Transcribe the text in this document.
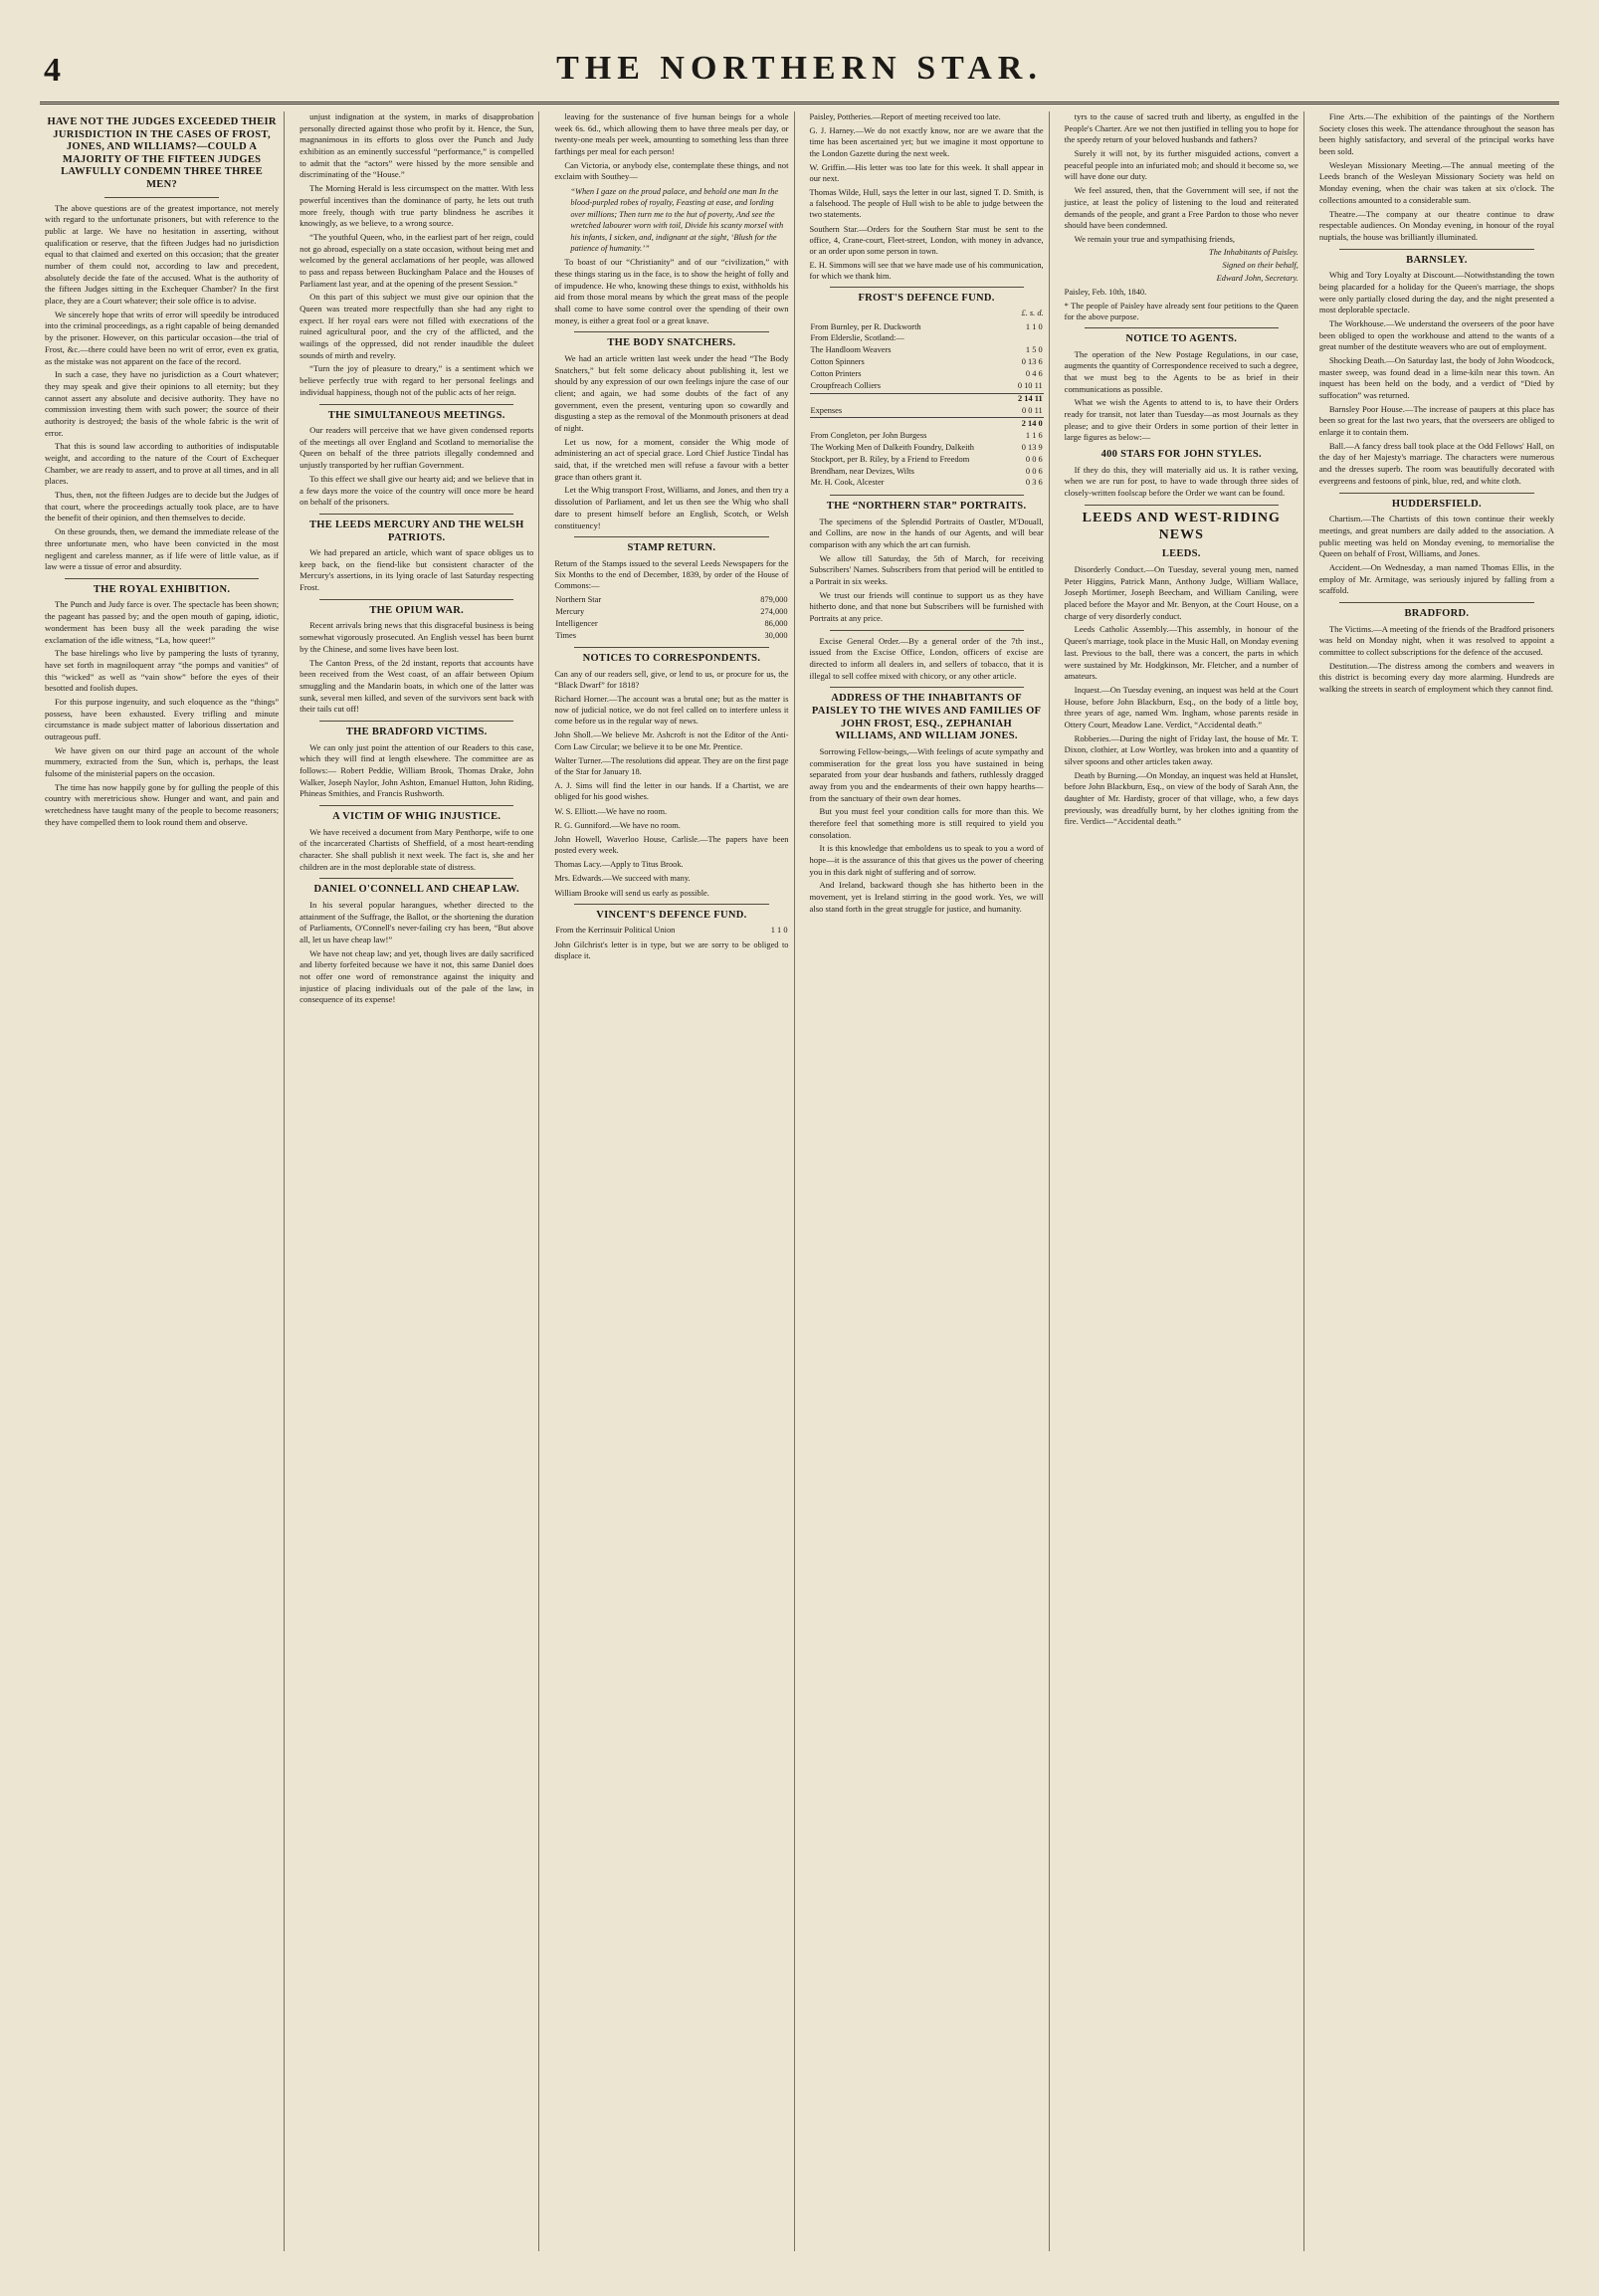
4	THE NORTHERN STAR.
HAVE NOT THE JUDGES EXCEEDED THEIR JURISDICTION IN THE CASES OF FROST, JONES, AND WILLIAMS?—COULD A MAJORITY OF THE FIFTEEN JUDGES LAWFULLY CONDEMN THREE THREE MEN?

The above questions are of the greatest importance, not merely with regard to the unfortunate prisoners, but with reference to the public at large. We have no hesitation in asserting, without qualification or reserve, that the fifteen Judges had no jurisdiction equal to that claimed and exerted on this occasion; that the greater number of them could not, according to law and precedent, absolutely decide the fate of the accused. What is the authority of the fifteen Judges sitting in the Exchequer Chamber? In the first place, they are a Court whatever; their sole office is to advise.

We sincerely hope that writs of error will speedily be introduced into the criminal proceedings, as a right capable of being demanded by the prisoner. However, on this particular occasion—the trial of Frost, &c.—there could have been no writ of error, even ex gratia, as the mistake was not apparent on the face of the record.

In such a case, they have no jurisdiction as a Court whatever; they may speak and give their opinions to all eternity; but they cannot assert any absolute and decisive authority. They have no commission investing them with such power; the source of their authority is destroyed; the basis of the whole fabric is the writ of error.

That this is sound law according to authorities of indisputable weight, and according to the nature of the Court of Exchequer Chamber, we are ready to assert, and to prove at all times, and in all places.

Thus, then, not the fifteen Judges are to decide but the Judges of that court, where the proceedings actually took place, are to have the benefit of their opinion, and then themselves to decide.

On these grounds, then, we demand the immediate release of the three unfortunate men, who have been convicted in the most negligent and careless manner, as if life were of little value, as if law were a tissue of error and absurdity.

THE ROYAL EXHIBITION.

The Punch and Judy farce is over. The spectacle has been shown; the pageant has passed by; and the open mouth of gaping, idiotic, wonderment has been busy all the week parading the wise exclamation of the idle witness, “La, how queer!”

The base hirelings who live by pampering the lusts of tyranny, have set forth in magniloquent array “the pomps and vanities” of this “wicked” as well as “vain show” before the eyes of their besotted and foolish dupes.

For this purpose ingenuity, and such eloquence as the “things” possess, have been exhausted. Every trifling and minute circumstance is made subject matter of laborious dissertation and outrageous puff.

We have given on our third page an account of the whole mummery, extracted from the Sun, which is, perhaps, the least fulsome of the ministerial papers on the occasion.

The time has now happily gone by for gulling the people of this country with meretricious show. Hunger and want, and pain and wretchedness have taught many of the people to become reasoners; they have compelled them to look round them and observe.

unjust indignation at the system, in marks of disapprobation personally directed against those who profit by it. Hence, the Sun, magnanimous in its efforts to gloss over the Punch and Judy exhibition as an eminently successful “performance,” is compelled to admit that the “actors” were hissed by the more sensible and discriminating of the “House.”

The Morning Herald is less circumspect on the matter. With less powerful incentives than the dominance of party, he lets out truth more freely, though with true party blindness he ascribes it knowingly, as we believe, to a wrong source.

“The youthful Queen, who, in the earliest part of her reign, could not go abroad, especially on a state occasion, without being met and welcomed by the general acclamations of her people, was allowed to pass and repass between Buckingham Palace and the Houses of Parliament last year, and at the opening of the present Session.”

On this part of this subject we must give our opinion that the Queen was treated more respectfully than she had any right to expect. If her royal ears were not filled with execrations of the ruined agricultural poor, and the cry of the afflicted, and the wailings of the oppressed, did not render inaudible the duleet sounds of mirth and revelry.

“Turn the joy of pleasure to dreary,” is a sentiment which we believe perfectly true with regard to her personal feelings and individual happiness, though not of the public acts of her reign.

THE SIMULTANEOUS MEETINGS.

Our readers will perceive that we have given condensed reports of the meetings all over England and Scotland to memorialise the Queen on behalf of the three patriots illegally condemned and unjustly transported by her ruffian Government.

To this effect we shall give our hearty aid; and we believe that in a few days more the voice of the country will once more be heard on behalf of the prisoners.

THE LEEDS MERCURY AND THE WELSH PATRIOTS.

We had prepared an article, which want of space obliges us to keep back, on the fiend-like but consistent character of the Mercury's assertions, in its lying oracle of last Saturday respecting Frost.

THE OPIUM WAR.

Recent arrivals bring news that this disgraceful business is being somewhat vigorously prosecuted. An English vessel has been burnt by the Chinese, and some lives have been lost.

The Canton Press, of the 2d instant, reports that accounts have been received from the West coast, of an affair between Opium smuggling and the Mandarin boats, in which one of the latter was sunk, several men killed, and seven of the survivors sent back with their tails cut off!

THE BRADFORD VICTIMS.

We can only just point the attention of our Readers to this case, which they will find at length elsewhere. The committee are as follows:— Robert Peddie, William Brook, Thomas Drake, John Walker, Joseph Naylor, John Ashton, Emanuel Hutton, John Riding, Phineas Smithies, and Francis Rushworth.

A VICTIM OF WHIG INJUSTICE.

We have received a document from Mary Penthorpe, wife to one of the incarcerated Chartists of Sheffield, of a most heart-rending character. She shall publish it next week. The fact is, she and her children are in the most deplorable state of distress.

DANIEL O'CONNELL AND CHEAP LAW.

In his several popular harangues, whether directed to the attainment of the Suffrage, the Ballot, or the shortening the duration of Parliaments, O'Connell's never-failing cry has been, “But above all, let us have cheap law!”

We have not cheap law; and yet, though lives are daily sacrificed and liberty forfeited because we have it not, this same Daniel does not offer one word of remonstrance against the iniquity and injustice of placing individuals out of the pale of the law, in consequence of its expense!

leaving for the sustenance of five human beings for a whole week 6s. 6d., which allowing them to have three meals per day, or twenty-one meals per week, amounting to something less than three farthings per meal for each person!

Can Victoria, or anybody else, contemplate these things, and not exclaim with Southey—

“When I gaze on the proud palace, and behold one man In the blood-purpled robes of royalty, Feasting at ease, and lording over millions; Then turn me to the hut of poverty, And see the wretched labourer worn with toil, Divide his scanty morsel with his infants, I sicken, and, indignant at the sight, ‘Blush for the patience of humanity.’”

To boast of our “Christianity” and of our “civilization,” with these things staring us in the face, is to show the height of folly and of impudence. He who, knowing these things to exist, withholds his aid from those moral means by which the great mass of the people shall come to have some control over the spending of their own money, is either a great fool or a great knave.

THE BODY SNATCHERS.

We had an article written last week under the head “The Body Snatchers,” but felt some delicacy about publishing it, lest we should by any expression of our own feelings injure the case of our client; and again, we had some doubts of the fact of any government, even the present, venturing upon so cowardly and disgusting a step as the removal of the Monmouth prisoners at dead of night.

Let us now, for a moment, consider the Whig mode of administering an act of special grace. Lord Chief Justice Tindal has said, that, if the wretched men will refuse a favour with a better grace than others grant it.

Let the Whig transport Frost, Williams, and Jones, and then try a dissolution of Parliament, and let us then see the Whig who shall dare to present himself before an English, Scotch, or Welsh constituency!

STAMP RETURN.
Return of the Stamps issued to the several Leeds Newspapers for the Six Months to the end of December, 1839, by order of the House of Commons:—
Northern Star	879,000
Mercury	274,000
Intelligencer	86,000
Times	30,000
NOTICES TO CORRESPONDENTS.
Can any of our readers sell, give, or lend to us, or procure for us, the “Black Dwarf” for 1818?
Richard Horner.—The account was a brutal one; but as the matter is now of judicial notice, we do not feel called on to interfere unless it come before us in the regular way of news.
John Sholl.—We believe Mr. Ashcroft is not the Editor of the Anti-Corn Law Circular; we believe it to be one Mr. Prentice.
Walter Turner.—The resolutions did appear. They are on the first page of the Star for January 18.
A. J. Sims will find the letter in our hands. If a Chartist, we are obliged for his good wishes.
W. S. Elliott.—We have no room.
R. G. Gunniford.—We have no room.
John Howell, Waverloo House, Carlisle.—The papers have been posted every week.
Thomas Lacy.—Apply to Titus Brook.
Mrs. Edwards.—We succeed with many.
William Brooke will send us early as possible.
VINCENT'S DEFENCE FUND.
From the Kerrinsuir Political Union	1 1 0
John Gilchrist's letter is in type, but we are sorry to be obliged to displace it.
Paisley, Pottheries.—Report of meeting received too late.
G. J. Harney.—We do not exactly know, nor are we aware that the time has been ascertained yet; but we imagine it most opportune to the London Gazette during the next week.
W. Griffin.—His letter was too late for this week. It shall appear in our next.
Thomas Wilde, Hull, says the letter in our last, signed T. D. Smith, is a falsehood. The people of Hull wish to be able to judge between the two statements.
Southern Star.—Orders for the Southern Star must be sent to the office, 4, Crane-court, Fleet-street, London, with money in advance, or an order upon some person in town.
E. H. Simmons will see that we have made use of his communication, for which we thank him.
FROST'S DEFENCE FUND.
£. s. d.
From Burnley, per R. Duckworth	1 1 0
From Elderslie, Scotland:—	
The Handloom Weavers	1 5 0
Cotton Spinners	0 13 6
Cotton Printers	0 4 6
Croupfreach Colliers	0 10 11
	2 14 11
Expenses	0 0 11
	2 14 0
From Congleton, per John Burgess	1 1 6
The Working Men of Dalkeith Foundry, Dalkeith	0 13 9
Stockport, per B. Riley, by a Friend to Freedom	0 0 6
Brendham, near Devizes, Wilts	0 0 6
Mr. H. Cook, Alcester	0 3 6
THE “NORTHERN STAR” PORTRAITS.

The specimens of the Splendid Portraits of Oastler, M'Douall, and Collins, are now in the hands of our Agents, and will bear comparison with any which the art can furnish.

We allow till Saturday, the 5th of March, for receiving Subscribers' Names. Subscribers from that period will be entitled to a Portrait in six weeks.

We trust our friends will continue to support us as they have hitherto done, and that none but Subscribers will be furnished with Portraits at any price.

Excise General Order.—By a general order of the 7th inst., issued from the Excise Office, London, officers of excise are directed to inform all dealers in, and sellers of tobacco, that it is illegal to sell coffee mixed with chicory, or any other article.

ADDRESS OF THE INHABITANTS OF PAISLEY TO THE WIVES AND FAMILIES OF JOHN FROST, ESQ., ZEPHANIAH WILLIAMS, AND WILLIAM JONES.

Sorrowing Fellow-beings,—With feelings of acute sympathy and commiseration for the great loss you have sustained in being separated from your dear husbands and fathers, ruthlessly dragged away from you and the endearments of their own happy hearths—from the sanctuary of their own dear homes.

But you must feel your condition calls for more than this. We therefore feel that something more is still required to yield you consolation.

It is this knowledge that emboldens us to speak to you a word of hope—it is the assurance of this that gives us the power of cheering you in this dark night of suffering and of sorrow.

And Ireland, backward though she has hitherto been in the movement, yet is Ireland stirring in the good work. Yes, we will also stand forth in the great struggle for justice, and humanity.

tyrs to the cause of sacred truth and liberty, as engulfed in the People's Charter. Are we not then justified in telling you to hope for the speedy return of your beloved husbands and fathers?

Surely it will not, by its further misguided actions, convert a peaceful people into an infuriated mob; and should it become so, we will have done our duty.

We feel assured, then, that the Government will see, if not the justice, at least the policy of listening to the loud and reiterated demands of the people, and grant a Free Pardon to those who never should have been condemned.

We remain your true and sympathising friends,

The Inhabitants of Paisley.
Signed on their behalf,
Edward John, Secretary.
Paisley, Feb. 10th, 1840.
* The people of Paisley have already sent four petitions to the Queen for the above purpose.
NOTICE TO AGENTS.

The operation of the New Postage Regulations, in our case, augments the quantity of Correspondence received to such a degree, that we must beg to the Agents to be as brief in their communications as possible.

What we wish the Agents to attend to is, to have their Orders ready for transit, not later than Tuesday—as most Journals as they please; and to give their Orders in some portion of their letter in large figures as below:—

400 STARS FOR JOHN STYLES.

If they do this, they will materially aid us. It is rather vexing, when we are run for post, to have to wade through three sides of closely-written foolscap before the Order we want can be found.

LEEDS AND WEST-RIDING NEWS
LEEDS.

Disorderly Conduct.—On Tuesday, several young men, named Peter Higgins, Patrick Mann, Anthony Judge, William Wallace, Joseph Mortimer, Joseph Beecham, and William Caniling, were placed before the Mayor and Mr. Benyon, at the Court House, on a charge of very disorderly conduct.

Leeds Catholic Assembly.—This assembly, in honour of the Queen's marriage, took place in the Music Hall, on Monday evening last. Previous to the ball, there was a concert, the parts in which were sustained by Mr. Hodgkinson, Mr. Fletcher, and a number of amateurs.

Inquest.—On Tuesday evening, an inquest was held at the Court House, before John Blackburn, Esq., on the body of a little boy, three years of age, named Wm. Ingham, whose parents reside in Ottery Court, Meadow Lane. Verdict, “Accidental death.”

Robberies.—During the night of Friday last, the house of Mr. T. Dixon, clothier, at Low Wortley, was broken into and a quantity of silver spoons and other articles taken away.

Death by Burning.—On Monday, an inquest was held at Hunslet, before John Blackburn, Esq., on view of the body of Sarah Ann, the daughter of Mr. Hardisty, grocer of that village, who, a few days previously, was dreadfully burnt, by her clothes igniting from the fire. Verdict—“Accidental death.”

Fine Arts.—The exhibition of the paintings of the Northern Society closes this week. The attendance throughout the season has been highly satisfactory, and several of the principal works have been sold.

Wesleyan Missionary Meeting.—The annual meeting of the Leeds branch of the Wesleyan Missionary Society was held on Monday evening, when the chair was taken at six o'clock. The collections amounted to a considerable sum.

Theatre.—The company at our theatre continue to draw respectable audiences. On Monday evening, in honour of the royal nuptials, the house was brilliantly illuminated.

BARNSLEY.

Whig and Tory Loyalty at Discount.—Notwithstanding the town being placarded for a holiday for the Queen's marriage, the shops were only partially closed during the day, and the night presented a most deplorable spectacle.

The Workhouse.—We understand the overseers of the poor have been obliged to open the workhouse and attend to the wants of a great number of the destitute weavers who are out of employment.

Shocking Death.—On Saturday last, the body of John Woodcock, master sweep, was found dead in a lime-kiln near this town. An inquest has been held on the body, and a verdict of “Died by suffocation” was returned.

Barnsley Poor House.—The increase of paupers at this place has been so great for the last two years, that the overseers are obliged to enlarge it to contain them.

Ball.—A fancy dress ball took place at the Odd Fellows' Hall, on the day of her Majesty's marriage. The characters were numerous and the dresses superb. The room was beautifully decorated with evergreens and festoons of pink, blue, red, and white cloth.

HUDDERSFIELD.

Chartism.—The Chartists of this town continue their weekly meetings, and great numbers are daily added to the association. A public meeting was held on Monday evening, to memorialise the Queen on behalf of Frost, Williams, and Jones.

Accident.—On Wednesday, a man named Thomas Ellis, in the employ of Mr. Armitage, was seriously injured by falling from a scaffold.

BRADFORD.

The Victims.—A meeting of the friends of the Bradford prisoners was held on Monday night, when it was resolved to appoint a committee to collect subscriptions for the defence of the accused.

Destitution.—The distress among the combers and weavers in this district is becoming every day more alarming. Hundreds are walking the streets in search of employment which they cannot find.
